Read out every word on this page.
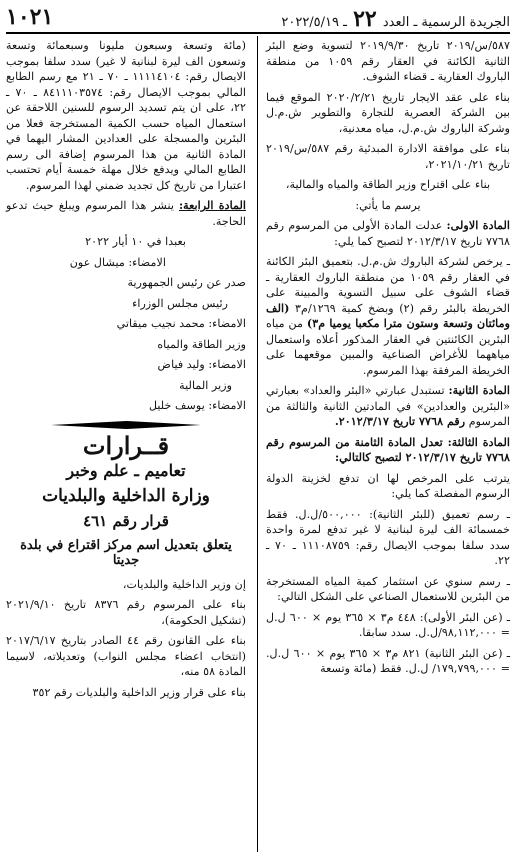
الجريدة الرسمية ـ العدد ٢٢ ـ ٢٠٢٢/٥/١٩
١٠٢١

٥٨٧/س/٢٠١٩ تاريخ ٢٠١٩/٩/٣٠ لتسوية وضع البئر الثانية الكائنة في العقار رقم ١٠٥٩ من منطقة الباروك العقارية ـ قضاء الشوف.

بناء على عقد الايجار تاريخ ٢٠٢٠/٢/٢١ الموقع فيما بين الشركة العصرية للتجارة والتطوير ش.م.ل وشركة الباروك ش.م.ل، مياه معدنية،

بناء على موافقة الادارة المبدئية رقم ٥٨٧/س/٢٠١٩ تاريخ ٢٠٢١/١٠/٢١،

بناء على اقتراح وزير الطاقة والمياه والمالية،

يرسم ما يأتي:

المادة الاولى: عدلت المادة الأولى من المرسوم رقم ٧٧٦٨ تاريخ ٢٠١٢/٣/١٧ لتصبح كما يلي:

ـ يرخص لشركة الباروك ش.م.ل. بتعميق البئر الكائنة في العقار رقم ١٠٥٩ من منطقة الباروك العقارية ـ قضاء الشوف على سبيل التسوية والمبينة على الخريطة بالبئر رقم (٢) وبضخ كمية ١٢٦٩/م٣ (الف ومائتان وتسعة وستون مترا مكعبا يوميا م٣) من مياه البئرين الكائنتين في العقار المذكور أعلاه واستعمال مياههما للأغراض الصناعية والمبين موقعهما على الخريطة المرفقة بهذا المرسوم.

المادة الثانية: تستبدل عبارتي «البئر والعداد» بعبارتي «البئرين والعدادين» في المادتين الثانية والثالثة من المرسوم رقم ٧٧٦٨ تاريخ ٢٠١٢/٣/١٧.

المادة الثالثة: تعدل المادة الثامنة من المرسوم رقم ٧٧٦٨ تاريخ ٢٠١٢/٣/١٧ لتصبح كالتالي:

يترتب على المرخص لها ان تدفع لخزينة الدولة الرسوم المفصلة كما يلي:

ـ رسم تعميق (للبئر الثانية): ٥٠٠,٠٠٠/ل.ل. فقط خمسمائة الف ليرة لبنانية لا غير تدفع لمرة واحدة سدد سلفا بموجب الايصال رقم: ١١١٠٨٧٥٩ ـ ٧٠ ـ ٢٢.

ـ رسم سنوي عن استثمار كمية المياه المستخرجة من البئرين للاستعمال الصناعي على الشكل التالي:

ـ (عن البئر الأولى): ٤٤٨ م٣ × ٣٦٥ يوم × ٦٠٠ ل.ل = ٩٨,١١٢,٠٠٠/ل.ل. سدد سابقا.

ـ (عن البئر الثانية) ٨٢١ م٣ × ٣٦٥ يوم × ٦٠٠ ل.ل. = ١٧٩,٧٩٩,٠٠٠/ ل.ل. فقط (مائة وتسعة

(مائة وتسعة وسبعون مليونا وسبعمائة وتسعة وتسعون الف ليرة لبنانية لا غير) سدد سلفا بموجب الايصال رقم: ١١١١٤١٠٤ ـ ٧٠ ـ ٢١ مع رسم الطابع المالي بموجب الايصال رقم: ٨٤١١١٠٣٥٧٤ ـ ٧٠ ـ ٢٢، على ان يتم تسديد الرسوم للسنين اللاحقة عن استعمال المياه حسب الكمية المستخرجة فعلا من البئرين والمسجلة على العدادين المشار اليهما في المادة الثانية من هذا المرسوم إضافة الى رسم الطابع المالي ويدفع خلال مهلة خمسة أيام تحتسب اعتبارا من تاريخ كل تجديد ضمني لهذا المرسوم.

المادة الرابعة: ينشر هذا المرسوم ويبلغ حيث تدعو الحاجة.

بعبدا في ١٠ أيار ٢٠٢٢

الامضاء: ميشال عون

صدر عن رئيس الجمهورية

رئيس مجلس الوزراء

الامضاء: محمد نجيب ميقاتي

وزير الطاقة والمياه

الامضاء: وليد فياض

وزير المالية

الامضاء: يوسف خليل

قــرارات
تعاميم ـ علم وخبر
وزارة الداخلية والبلديات
قرار رقم ٤٦١
يتعلق بتعديل اسم مركز اقتراع في بلدة جديتا

إن وزير الداخلية والبلديات،

بناء على المرسوم رقم ٨٣٧٦ تاريخ ٢٠٢١/٩/١٠ (تشكيل الحكومة)،

بناء على القانون رقم ٤٤ الصادر بتاريخ ٢٠١٧/٦/١٧ (انتخاب اعضاء مجلس النواب) وتعديلاته، لاسيما المادة ٥٨ منه،

بناء على قرار وزير الداخلية والبلديات رقم ٣٥٢
